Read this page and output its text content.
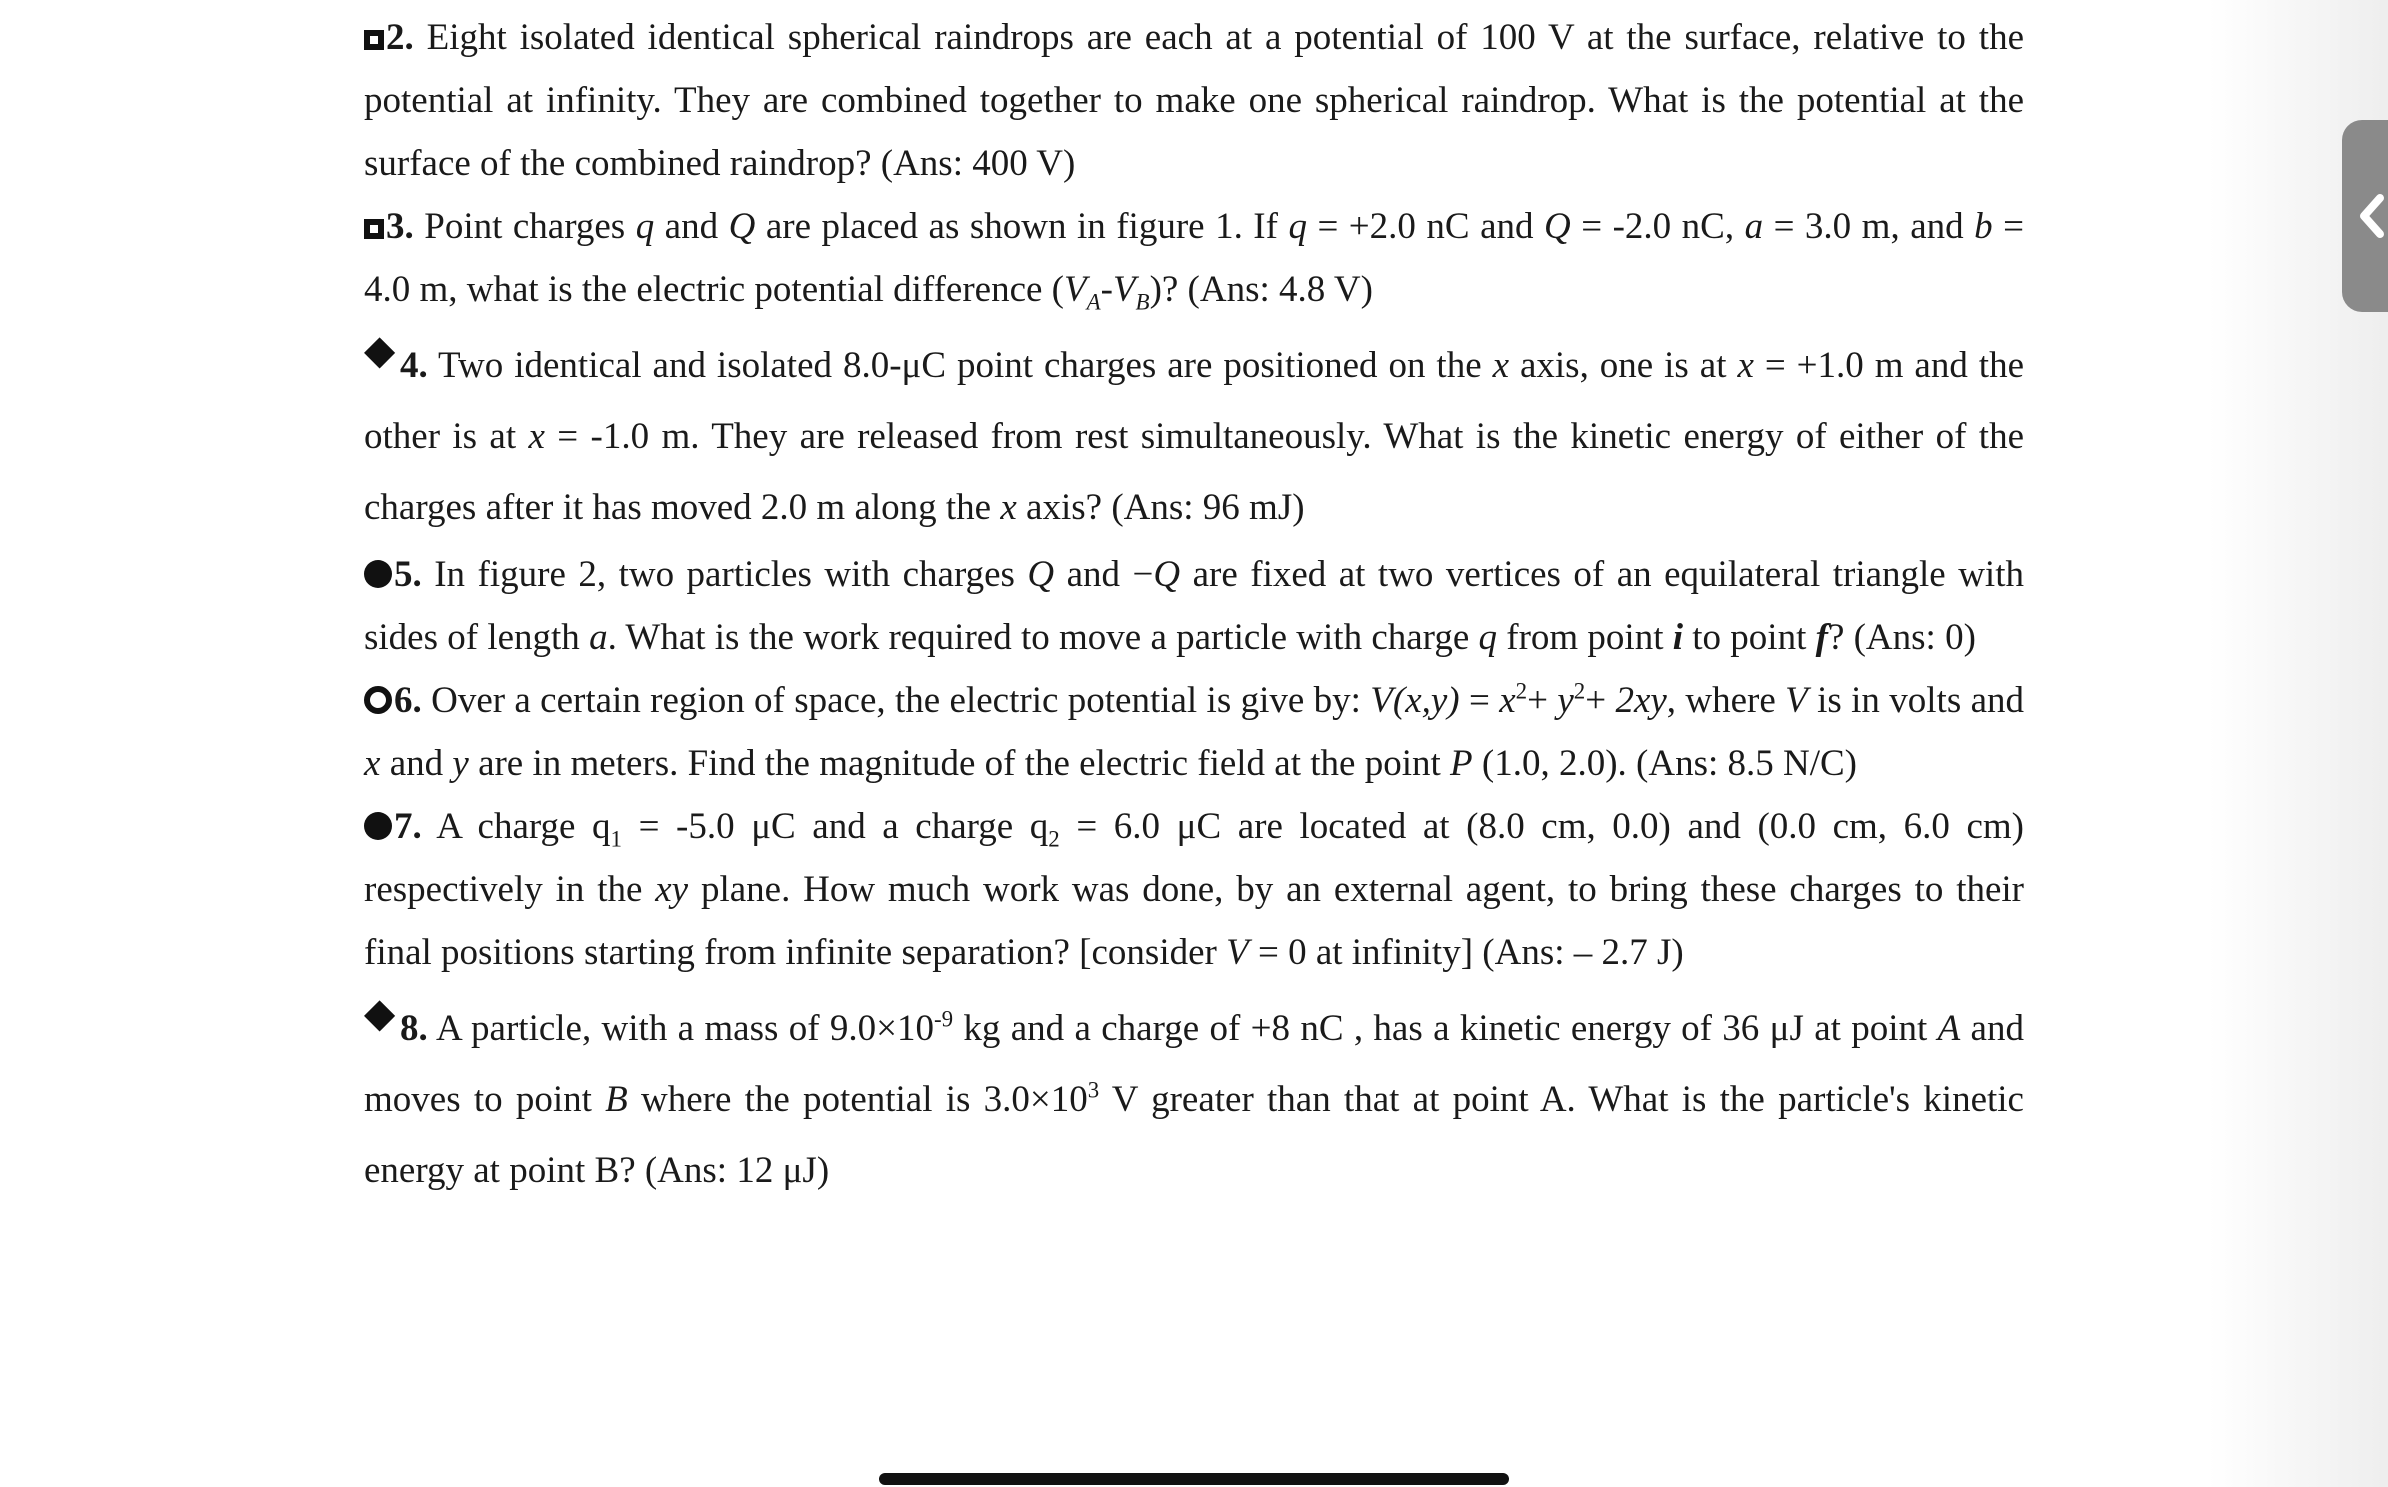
2. Eight isolated identical spherical raindrops are each at a potential of 100 V at the surface, relative to the potential at infinity. They are combined together to make one spherical raindrop. What is the potential at the surface of the combined raindrop? (Ans: 400 V)

3. Point charges q and Q are placed as shown in figure 1. If q = +2.0 nC and Q = -2.0 nC, a = 3.0 m, and b = 4.0 m, what is the electric potential difference $(V_A-V_B)$? (Ans: 4.8 V)

4. Two identical and isolated 8.0-μC point charges are positioned on the x axis, one is at x = +1.0 m and the other is at x = -1.0 m. They are released from rest simultaneously. What is the kinetic energy of either of the charges after it has moved 2.0 m along the x axis? (Ans: 96 mJ)

5. In figure 2, two particles with charges Q and −Q are fixed at two vertices of an equilateral triangle with sides of length a. What is the work required to move a particle with charge q from point i to point f? (Ans: 0)

6. Over a certain region of space, the electric potential is give by: $V(x,y) = x^2+ y^2+ 2xy$, where V is in volts and x and y are in meters. Find the magnitude of the electric field at the point P (1.0, 2.0). (Ans: 8.5 N/C)

7. A charge $q_1 = -5.0$ μC and a charge $q_2 = 6.0$ μC are located at (8.0 cm, 0.0) and (0.0 cm, 6.0 cm) respectively in the xy plane. How much work was done, by an external agent, to bring these charges to their final positions starting from infinite separation? [consider V = 0 at infinity] (Ans: – 2.7 J)

8. A particle, with a mass of $9.0\times 10^{-9}$ kg and a charge of +8 nC , has a kinetic energy of 36 μJ at point A and moves to point B where the potential is $3.0\times 10^3$ V greater than that at point A. What is the particle's kinetic energy at point B? (Ans: 12 μJ)
